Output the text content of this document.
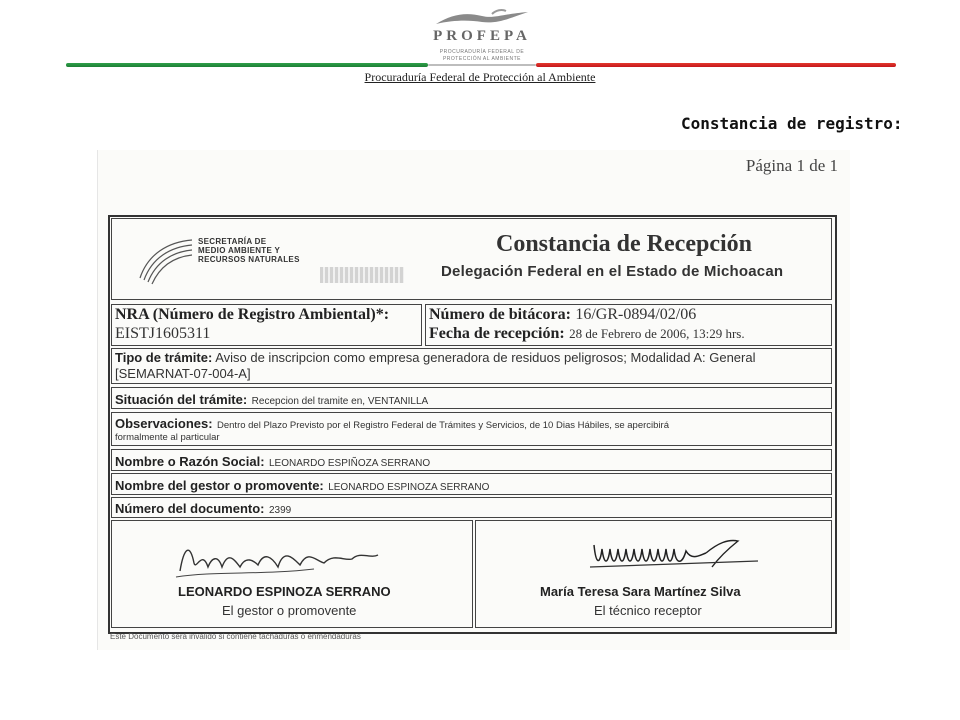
PROFEPA
PROCURADURÍA FEDERAL DE
PROTECCIÓN AL AMBIENTE
Procuraduría Federal de Protección al Ambiente
Constancia de registro:
Página 1 de 1
SECRETARÍA DE
MEDIO AMBIENTE Y
RECURSOS NATURALES
Constancia de Recepción
Delegación Federal en el Estado de Michoacan
NRA (Número de Registro Ambiental)*:
EISTJ1605311
Número de bitácora: 16/GR-0894/02/06
Fecha de recepción: 28 de Febrero de 2006, 13:29 hrs.
Tipo de trámite: Aviso de inscripcion como empresa generadora de residuos peligrosos; Modalidad A: General
[SEMARNAT-07-004-A]
Situación del trámite: Recepcion del tramite en, VENTANILLA
Observaciones: Dentro del Plazo Previsto por el Registro Federal de Trámites y Servicios, de 10 Dias Hábiles, se apercibirá
formalmente al particular
Nombre o Razón Social: LEONARDO ESPIÑOZA SERRANO
Nombre del gestor o promovente: LEONARDO ESPINOZA SERRANO
Número del documento: 2399
LEONARDO ESPINOZA SERRANO
El gestor o promovente
María Teresa Sara Martínez Silva
El técnico receptor
Este Documento será invalido si contiene tachaduras o enmendaduras
